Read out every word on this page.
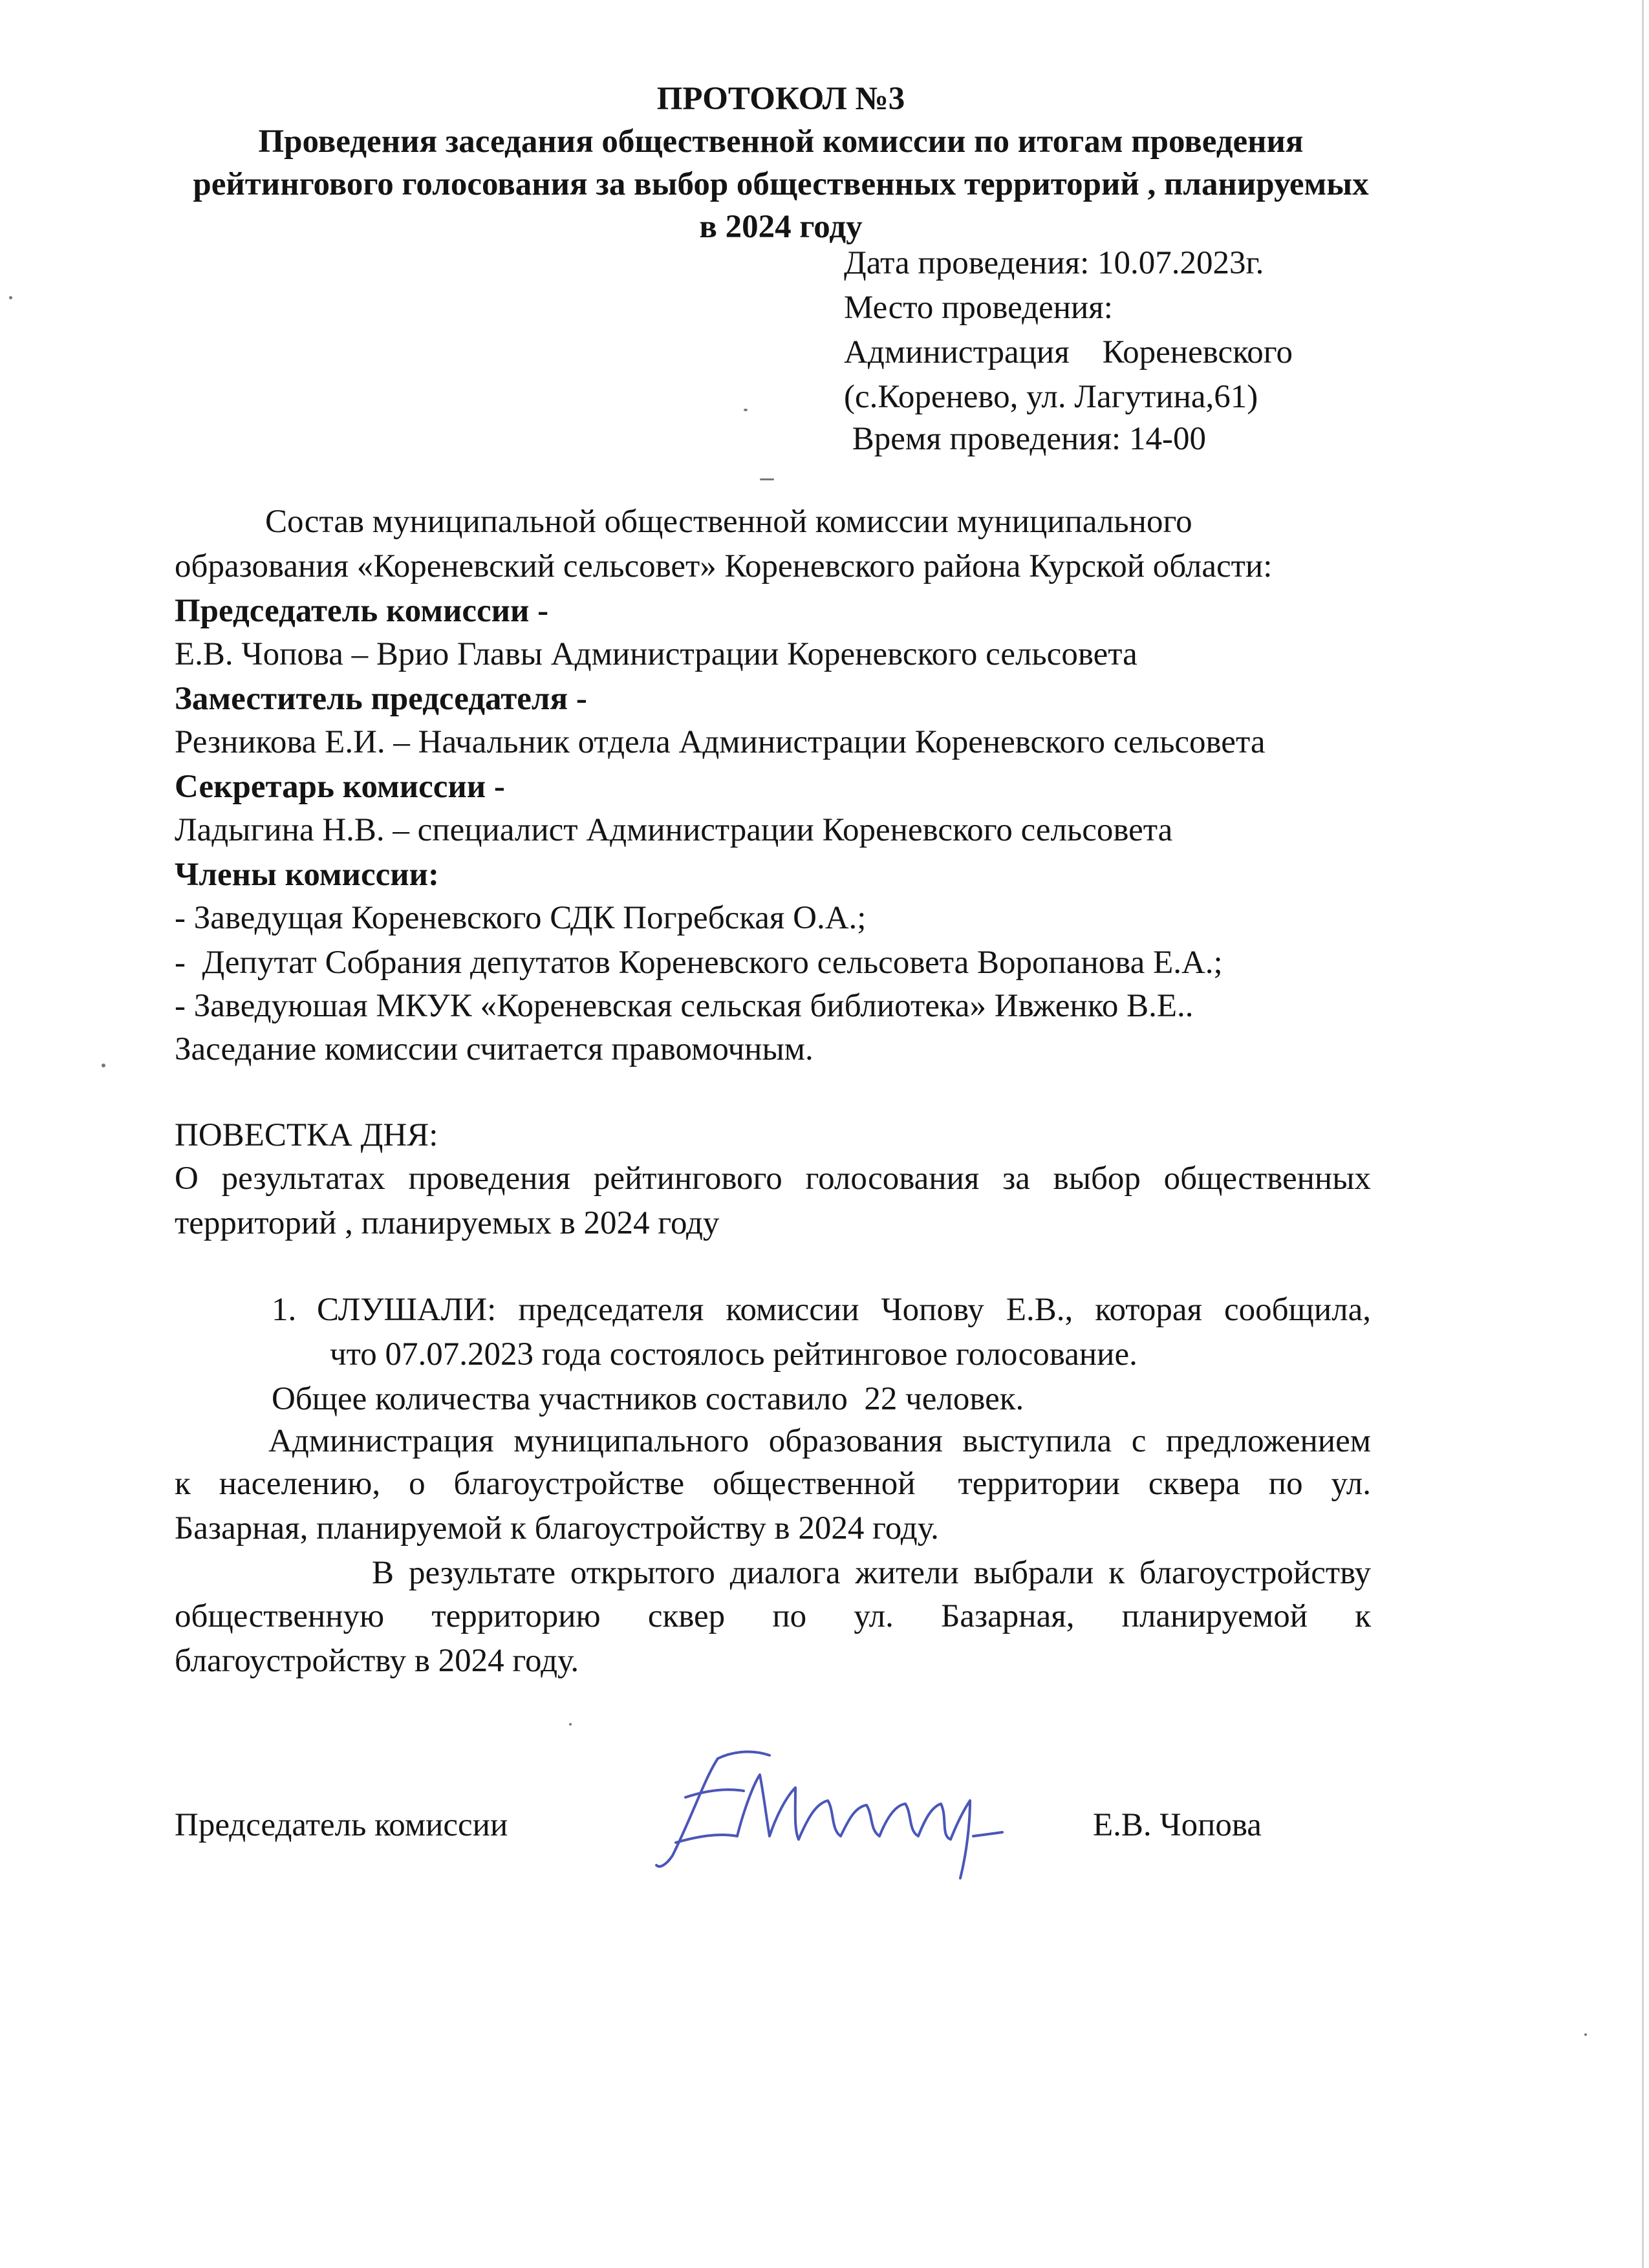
ПРОТОКОЛ №3
Проведения заседания общественной комиссии по итогам проведения
рейтингового голосования за выбор общественных территорий , планируемых
в 2024 году
Дата проведения: 10.07.2023г.
Место проведения:
Администрация    Кореневского
(с.Коренево, ул. Лагутина,61)
Время проведения: 14-00
Состав муниципальной общественной комиссии муниципального
образования «Кореневский сельсовет» Кореневского района Курской области:
Председатель комиссии -
Е.В. Чопова – Врио Главы Администрации Кореневского сельсовета
Заместитель председателя -
Резникова Е.И. – Начальник отдела Администрации Кореневского сельсовета
Секретарь комиссии -
Ладыгина Н.В. – специалист Администрации Кореневского сельсовета
Члены комиссии:
- Заведущая Кореневского СДК Погребская О.А.;
-  Депутат Собрания депутатов Кореневского сельсовета Воропанова Е.А.;
- Заведуюшая МКУК «Кореневская сельская библиотека» Ивженко В.Е..
Заседание комиссии считается правомочным.
ПОВЕСТКА ДНЯ:
О результатах проведения рейтингового голосования за выбор общественных
территорий , планируемых в 2024 году
1. СЛУШАЛИ: председателя комиссии Чопову Е.В., которая сообщила,
что 07.07.2023 года состоялось рейтинговое голосование.
Общее количества участников составило  22 человек.
Администрация муниципального образования выступила с предложением
к  населению,  о  благоустройстве  общественной   территории  сквера  по  ул.
Базарная, планируемой к благоустройству в 2024 году.
В результате открытого диалога жители выбрали к благоустройству
общественную    территорию    сквер    по    ул.    Базарная,    планируемой    к
благоустройству в 2024 году.
Председатель комиссии	Е.В. Чопова
